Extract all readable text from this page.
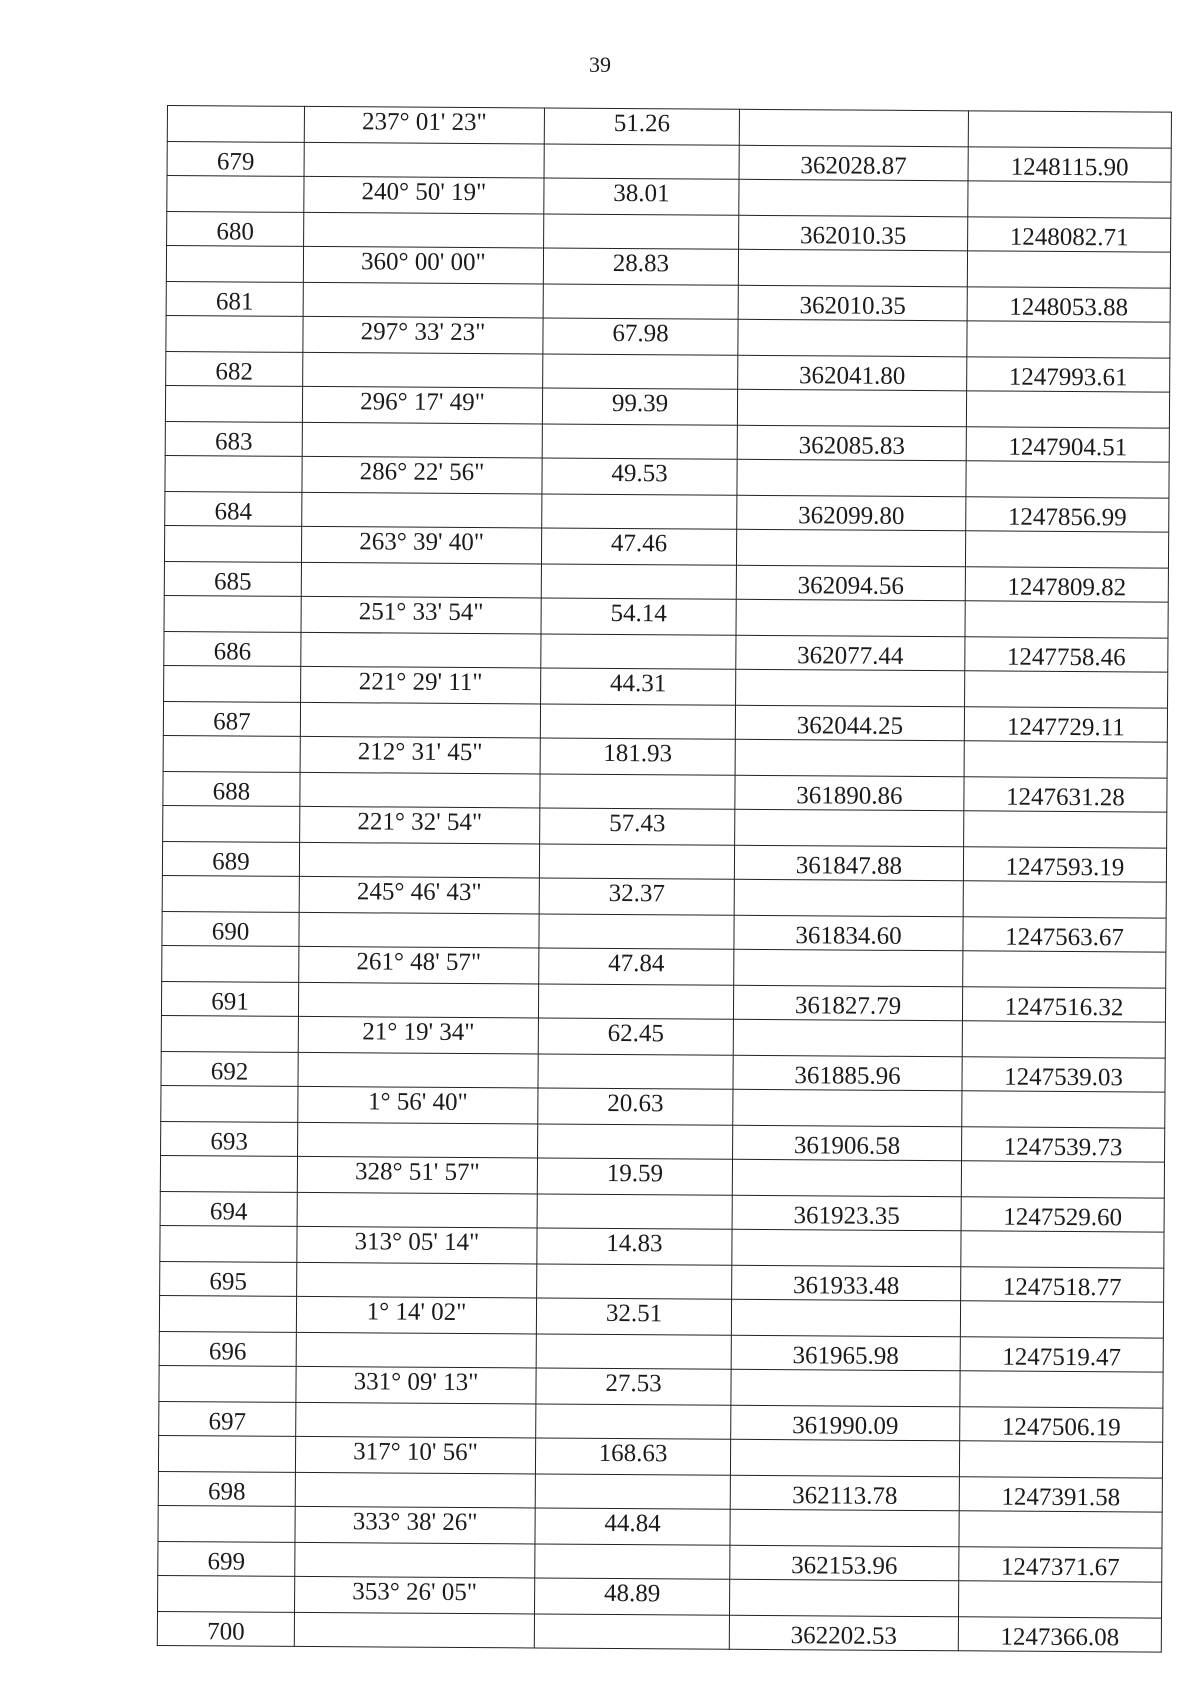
39
	237° 01' 23"	51.26		
679			362028.87	1248115.90
	240° 50' 19"	38.01		
680			362010.35	1248082.71
	360° 00' 00"	28.83		
681			362010.35	1248053.88
	297° 33' 23"	67.98		
682			362041.80	1247993.61
	296° 17' 49"	99.39		
683			362085.83	1247904.51
	286° 22' 56"	49.53		
684			362099.80	1247856.99
	263° 39' 40"	47.46		
685			362094.56	1247809.82
	251° 33' 54"	54.14		
686			362077.44	1247758.46
	221° 29' 11"	44.31		
687			362044.25	1247729.11
	212° 31' 45"	181.93		
688			361890.86	1247631.28
	221° 32' 54"	57.43		
689			361847.88	1247593.19
	245° 46' 43"	32.37		
690			361834.60	1247563.67
	261° 48' 57"	47.84		
691			361827.79	1247516.32
	21° 19' 34"	62.45		
692			361885.96	1247539.03
	1° 56' 40"	20.63		
693			361906.58	1247539.73
	328° 51' 57"	19.59		
694			361923.35	1247529.60
	313° 05' 14"	14.83		
695			361933.48	1247518.77
	1° 14' 02"	32.51		
696			361965.98	1247519.47
	331° 09' 13"	27.53		
697			361990.09	1247506.19
	317° 10' 56"	168.63		
698			362113.78	1247391.58
	333° 38' 26"	44.84		
699			362153.96	1247371.67
	353° 26' 05"	48.89		
700			362202.53	1247366.08
